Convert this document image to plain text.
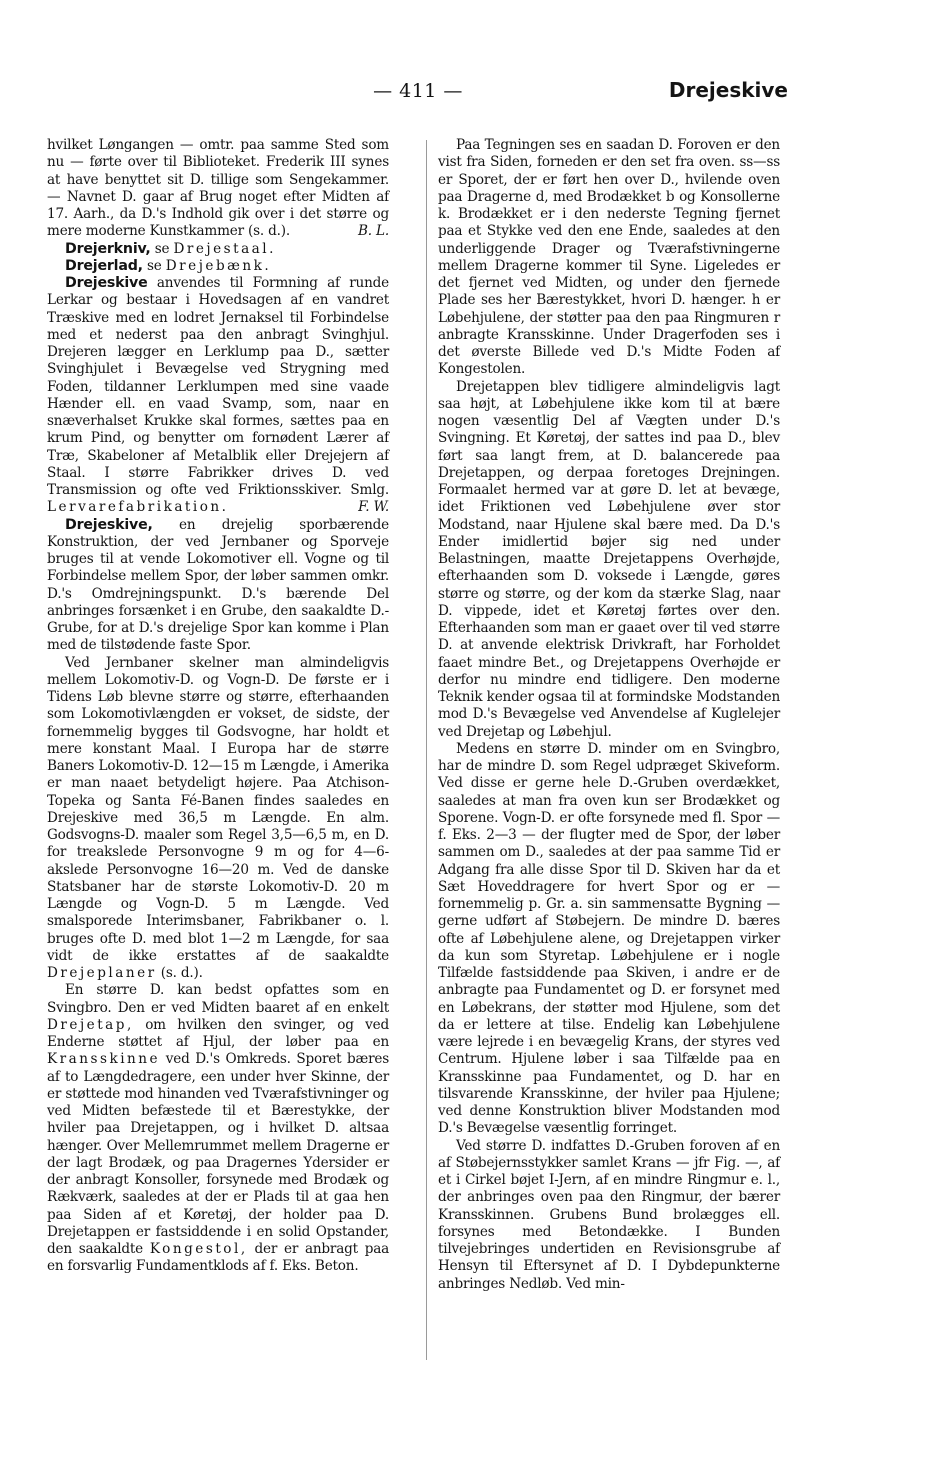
— 411 —	Drejeskive

hvilket Løngangen — omtr. paa samme Sted som nu — førte over til Biblioteket. Frederik III synes at have benyttet sit D. tillige som Sengekammer. — Navnet D. gaar af Brug noget efter Midten af 17. Aarh., da D.'s Indhold gik over i det større og mere moderne Kunstkammer (s. d.).	B. L.

Drejerkniv, se Drejestaal.

Drejerlad, se Drejebænk.

Drejeskive anvendes til Formning af runde Lerkar og bestaar i Hovedsagen af en vandret Træskive med en lodret Jernaksel til Forbindelse med et nederst paa den anbragt Svinghjul. Drejeren lægger en Lerklump paa D., sætter Svinghjulet i Bevægelse ved Strygning med Foden, tildanner Lerklumpen med sine vaade Hænder ell. en vaad Svamp, som, naar en snæverhalset Krukke skal formes, sættes paa en krum Pind, og benytter om fornødent Lærer af Træ, Skabeloner af Metalblik eller Drejejern af Staal. I større Fabrikker drives D. ved Transmission og ofte ved Friktionsskiver. Smlg. Lervarefabrikation.	F. W.

Drejeskive, en drejelig sporbærende Konstruktion, der ved Jernbaner og Sporveje bruges til at vende Lokomotiver ell. Vogne og til Forbindelse mellem Spor, der løber sammen omkr. D.'s Omdrejningspunkt. D.'s bærende Del anbringes forsænket i en Grube, den saakaldte D.-Grube, for at D.'s drejelige Spor kan komme i Plan med de tilstødende faste Spor.

Ved Jernbaner skelner man almindeligvis mellem Lokomotiv-D. og Vogn-D. De første er i Tidens Løb blevne større og større, efterhaanden som Lokomotivlængden er vokset, de sidste, der fornemmelig bygges til Godsvogne, har holdt et mere konstant Maal. I Europa har de større Baners Lokomotiv-D. 12—15 m Længde, i Amerika er man naaet betydeligt højere. Paa Atchison-Topeka og Santa Fé-Banen findes saaledes en Drejeskive med 36,5 m Længde. En alm. Godsvogns-D. maaler som Regel 3,5—6,5 m, en D. for treakslede Personvogne 9 m og for 4—6-akslede Personvogne 16—20 m. Ved de danske Statsbaner har de største Lokomotiv-D. 20 m Længde og Vogn-D. 5 m Længde. Ved smalsporede Interimsbaner, Fabrikbaner o. l. bruges ofte D. med blot 1—2 m Længde, for saa vidt de ikke erstattes af de saakaldte Drejeplaner (s. d.).

En større D. kan bedst opfattes som en Svingbro. Den er ved Midten baaret af en enkelt Drejetap, om hvilken den svinger, og ved Enderne støttet af Hjul, der løber paa en Kransskinne ved D.'s Omkreds. Sporet bæres af to Længdedragere, een under hver Skinne, der er støttede mod hinanden ved Tværafstivninger og ved Midten befæstede til et Bærestykke, der hviler paa Drejetappen, og i hvilket D. altsaa hænger. Over Mellemrummet mellem Dragerne er der lagt Brodæk, og paa Dragernes Ydersider er der anbragt Konsoller, forsynede med Brodæk og Rækværk, saaledes at der er Plads til at gaa hen paa Siden af et Køretøj, der holder paa D. Drejetappen er fastsiddende i en solid Opstander, den saakaldte Kongestol, der er anbragt paa en forsvarlig Fundamentklods af f. Eks. Beton.

Paa Tegningen ses en saadan D. Foroven er den vist fra Siden, forneden er den set fra oven. ss—ss er Sporet, der er ført hen over D., hvilende oven paa Dragerne d, med Brodækket b og Konsollerne k. Brodækket er i den nederste Tegning fjernet paa et Stykke ved den ene Ende, saaledes at den underliggende Drager og Tværafstivningerne mellem Dragerne kommer til Syne. Ligeledes er det fjernet ved Midten, og under den fjernede Plade ses her Bærestykket, hvori D. hænger. h er Løbehjulene, der støtter paa den paa Ringmuren r anbragte Kransskinne. Under Dragerfoden ses i det øverste Billede ved D.'s Midte Foden af Kongestolen.

Drejetappen blev tidligere almindeligvis lagt saa højt, at Løbehjulene ikke kom til at bære nogen væsentlig Del af Vægten under D.'s Svingning. Et Køretøj, der sattes ind paa D., blev ført saa langt frem, at D. balancerede paa Drejetappen, og derpaa foretoges Drejningen. Formaalet hermed var at gøre D. let at bevæge, idet Friktionen ved Løbehjulene øver stor Modstand, naar Hjulene skal bære med. Da D.'s Ender imidlertid bøjer sig ned under Belastningen, maatte Drejetappens Overhøjde, efterhaanden som D. voksede i Længde, gøres større og større, og der kom da stærke Slag, naar D. vippede, idet et Køretøj førtes over den. Efterhaanden som man er gaaet over til ved større D. at anvende elektrisk Drivkraft, har Forholdet faaet mindre Bet., og Drejetappens Overhøjde er derfor nu mindre end tidligere. Den moderne Teknik kender ogsaa til at formindske Modstanden mod D.'s Bevægelse ved Anvendelse af Kuglelejer ved Drejetap og Løbehjul.

Medens en større D. minder om en Svingbro, har de mindre D. som Regel udpræget Skiveform. Ved disse er gerne hele D.-Gruben overdækket, saaledes at man fra oven kun ser Brodækket og Sporene. Vogn-D. er ofte forsynede med fl. Spor — f. Eks. 2—3 — der flugter med de Spor, der løber sammen om D., saaledes at der paa samme Tid er Adgang fra alle disse Spor til D. Skiven har da et Sæt Hoveddragere for hvert Spor og er — fornemmelig p. Gr. a. sin sammensatte Bygning — gerne udført af Støbejern. De mindre D. bæres ofte af Løbehjulene alene, og Drejetappen virker da kun som Styretap. Løbehjulene er i nogle Tilfælde fastsiddende paa Skiven, i andre er de anbragte paa Fundamentet og D. er forsynet med en Løbekrans, der støtter mod Hjulene, som det da er lettere at tilse. Endelig kan Løbehjulene være lejrede i en bevægelig Krans, der styres ved Centrum. Hjulene løber i saa Tilfælde paa en Kransskinne paa Fundamentet, og D. har en tilsvarende Kransskinne, der hviler paa Hjulene; ved denne Konstruktion bliver Modstanden mod D.'s Bevægelse væsentlig forringet.

Ved større D. indfattes D.-Gruben foroven af en af Støbejernsstykker samlet Krans — jfr Fig. —, af et i Cirkel bøjet I-Jern, af en mindre Ringmur e. l., der anbringes oven paa den Ringmur, der bærer Kransskinnen. Grubens Bund brolægges ell. forsynes med Betondække. I Bunden tilvejebringes undertiden en Revisionsgrube af Hensyn til Eftersynet af D. I Dybdepunkterne anbringes Nedløb. Ved min-
